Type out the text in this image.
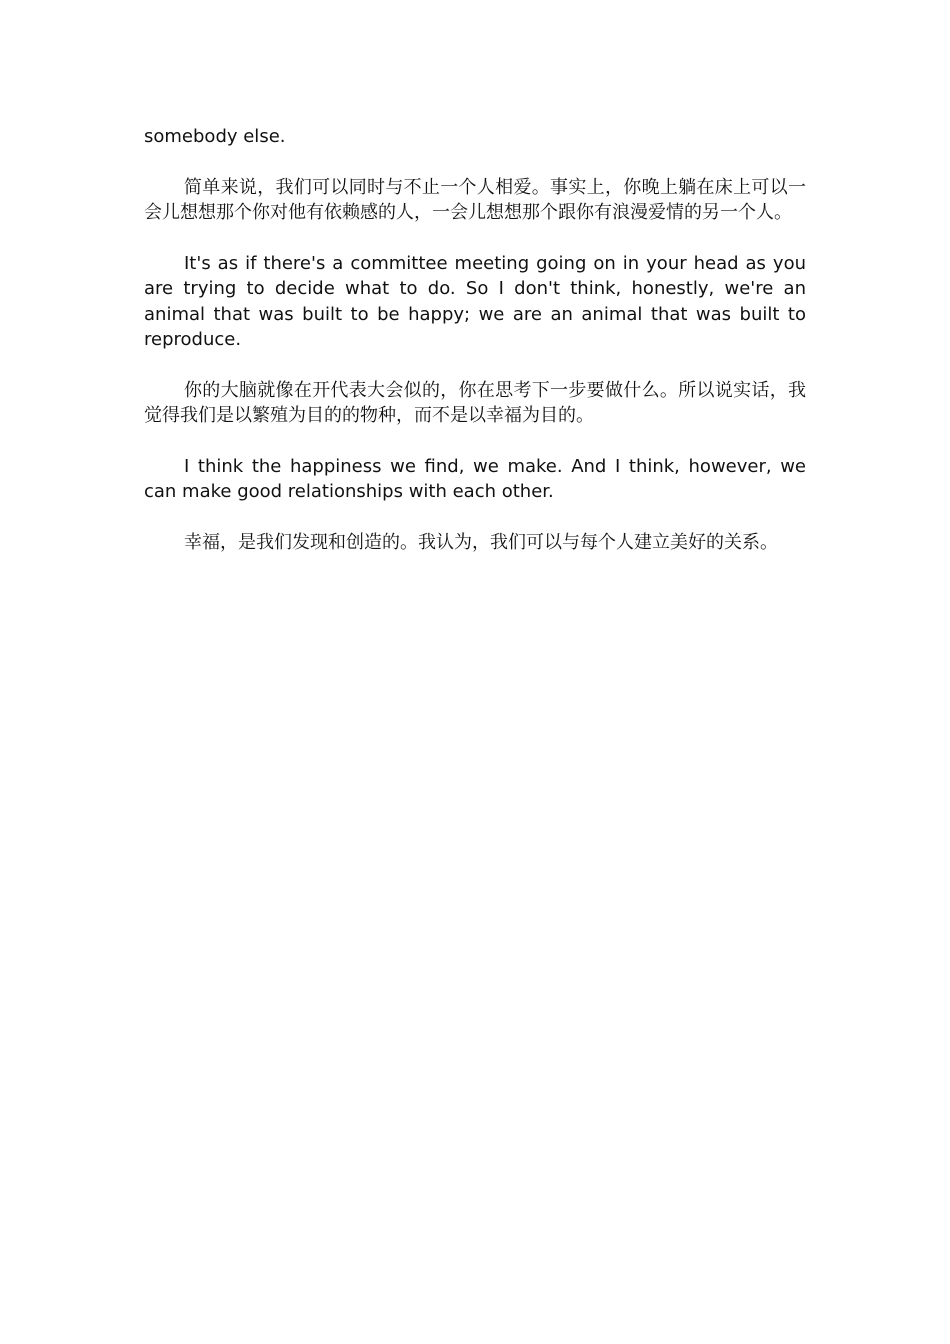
somebody else.

简单来说，我们可以同时与不止一个人相爱。事实上，你晚上躺在床上可以一会儿想想那个你对他有依赖感的人，一会儿想想那个跟你有浪漫爱情的另一个人。

It's as if there's a committee meeting going on in your head as you are trying to decide what to do. So I don't think, honestly, we're an animal that was built to be happy; we are an animal that was built to reproduce.

你的大脑就像在开代表大会似的，你在思考下一步要做什么。所以说实话，我觉得我们是以繁殖为目的的物种，而不是以幸福为目的。

I think the happiness we find, we make. And I think, however, we can make good relationships with each other.

幸福，是我们发现和创造的。我认为，我们可以与每个人建立美好的关系。
